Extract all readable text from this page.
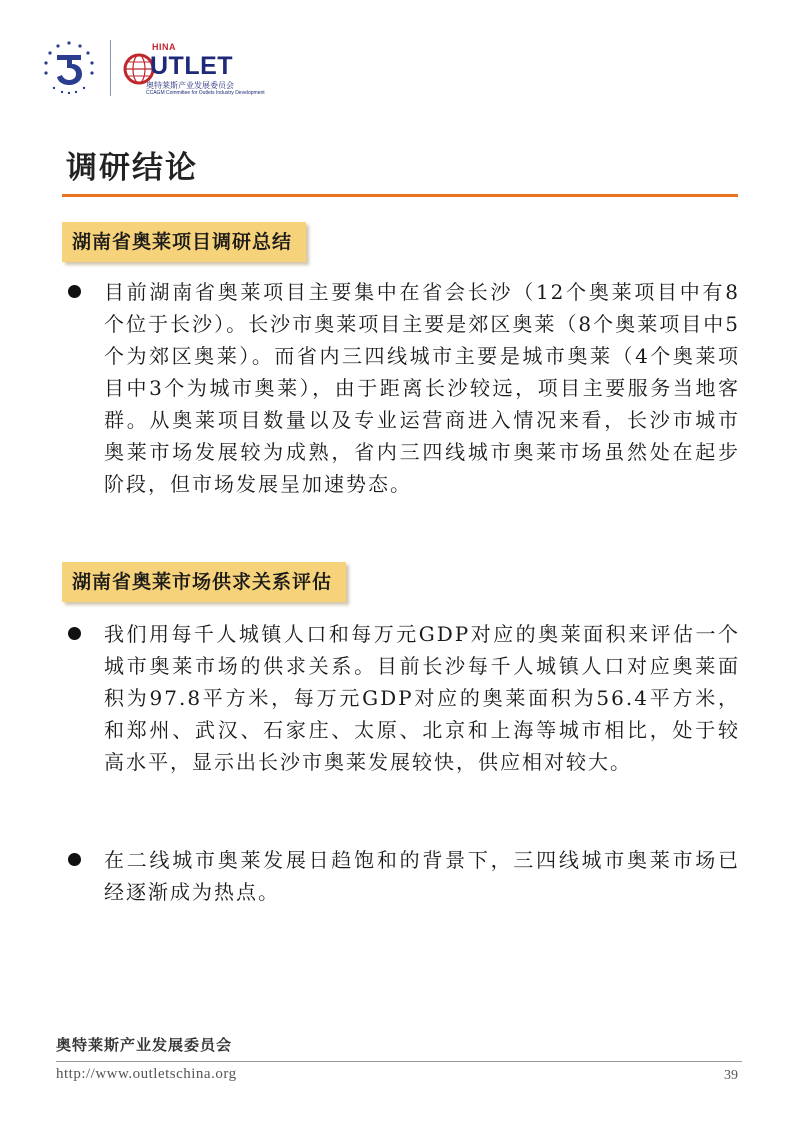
HINA
UTLET
奥特莱斯产业发展委员会
CCAGM Committee for Outlets Industry Development
调研结论
湖南省奥莱项目调研总结

目前湖南省奥莱项目主要集中在省会长沙（12个奥莱项目中有8个位于长沙）。长沙市奥莱项目主要是郊区奥莱（8个奥莱项目中5个为郊区奥莱）。而省内三四线城市主要是城市奥莱（4个奥莱项目中3个为城市奥莱），由于距离长沙较远，项目主要服务当地客群。从奥莱项目数量以及专业运营商进入情况来看，长沙市城市奥莱市场发展较为成熟，省内三四线城市奥莱市场虽然处在起步阶段，但市场发展呈加速势态。

湖南省奥莱市场供求关系评估

我们用每千人城镇人口和每万元GDP对应的奥莱面积来评估一个城市奥莱市场的供求关系。目前长沙每千人城镇人口对应奥莱面积为97.8平方米，每万元GDP对应的奥莱面积为56.4平方米，和郑州、武汉、石家庄、太原、北京和上海等城市相比，处于较高水平，显示出长沙市奥莱发展较快，供应相对较大。

在二线城市奥莱发展日趋饱和的背景下，三四线城市奥莱市场已经逐渐成为热点。

奥特莱斯产业发展委员会
http://www.outletschina.org	39
